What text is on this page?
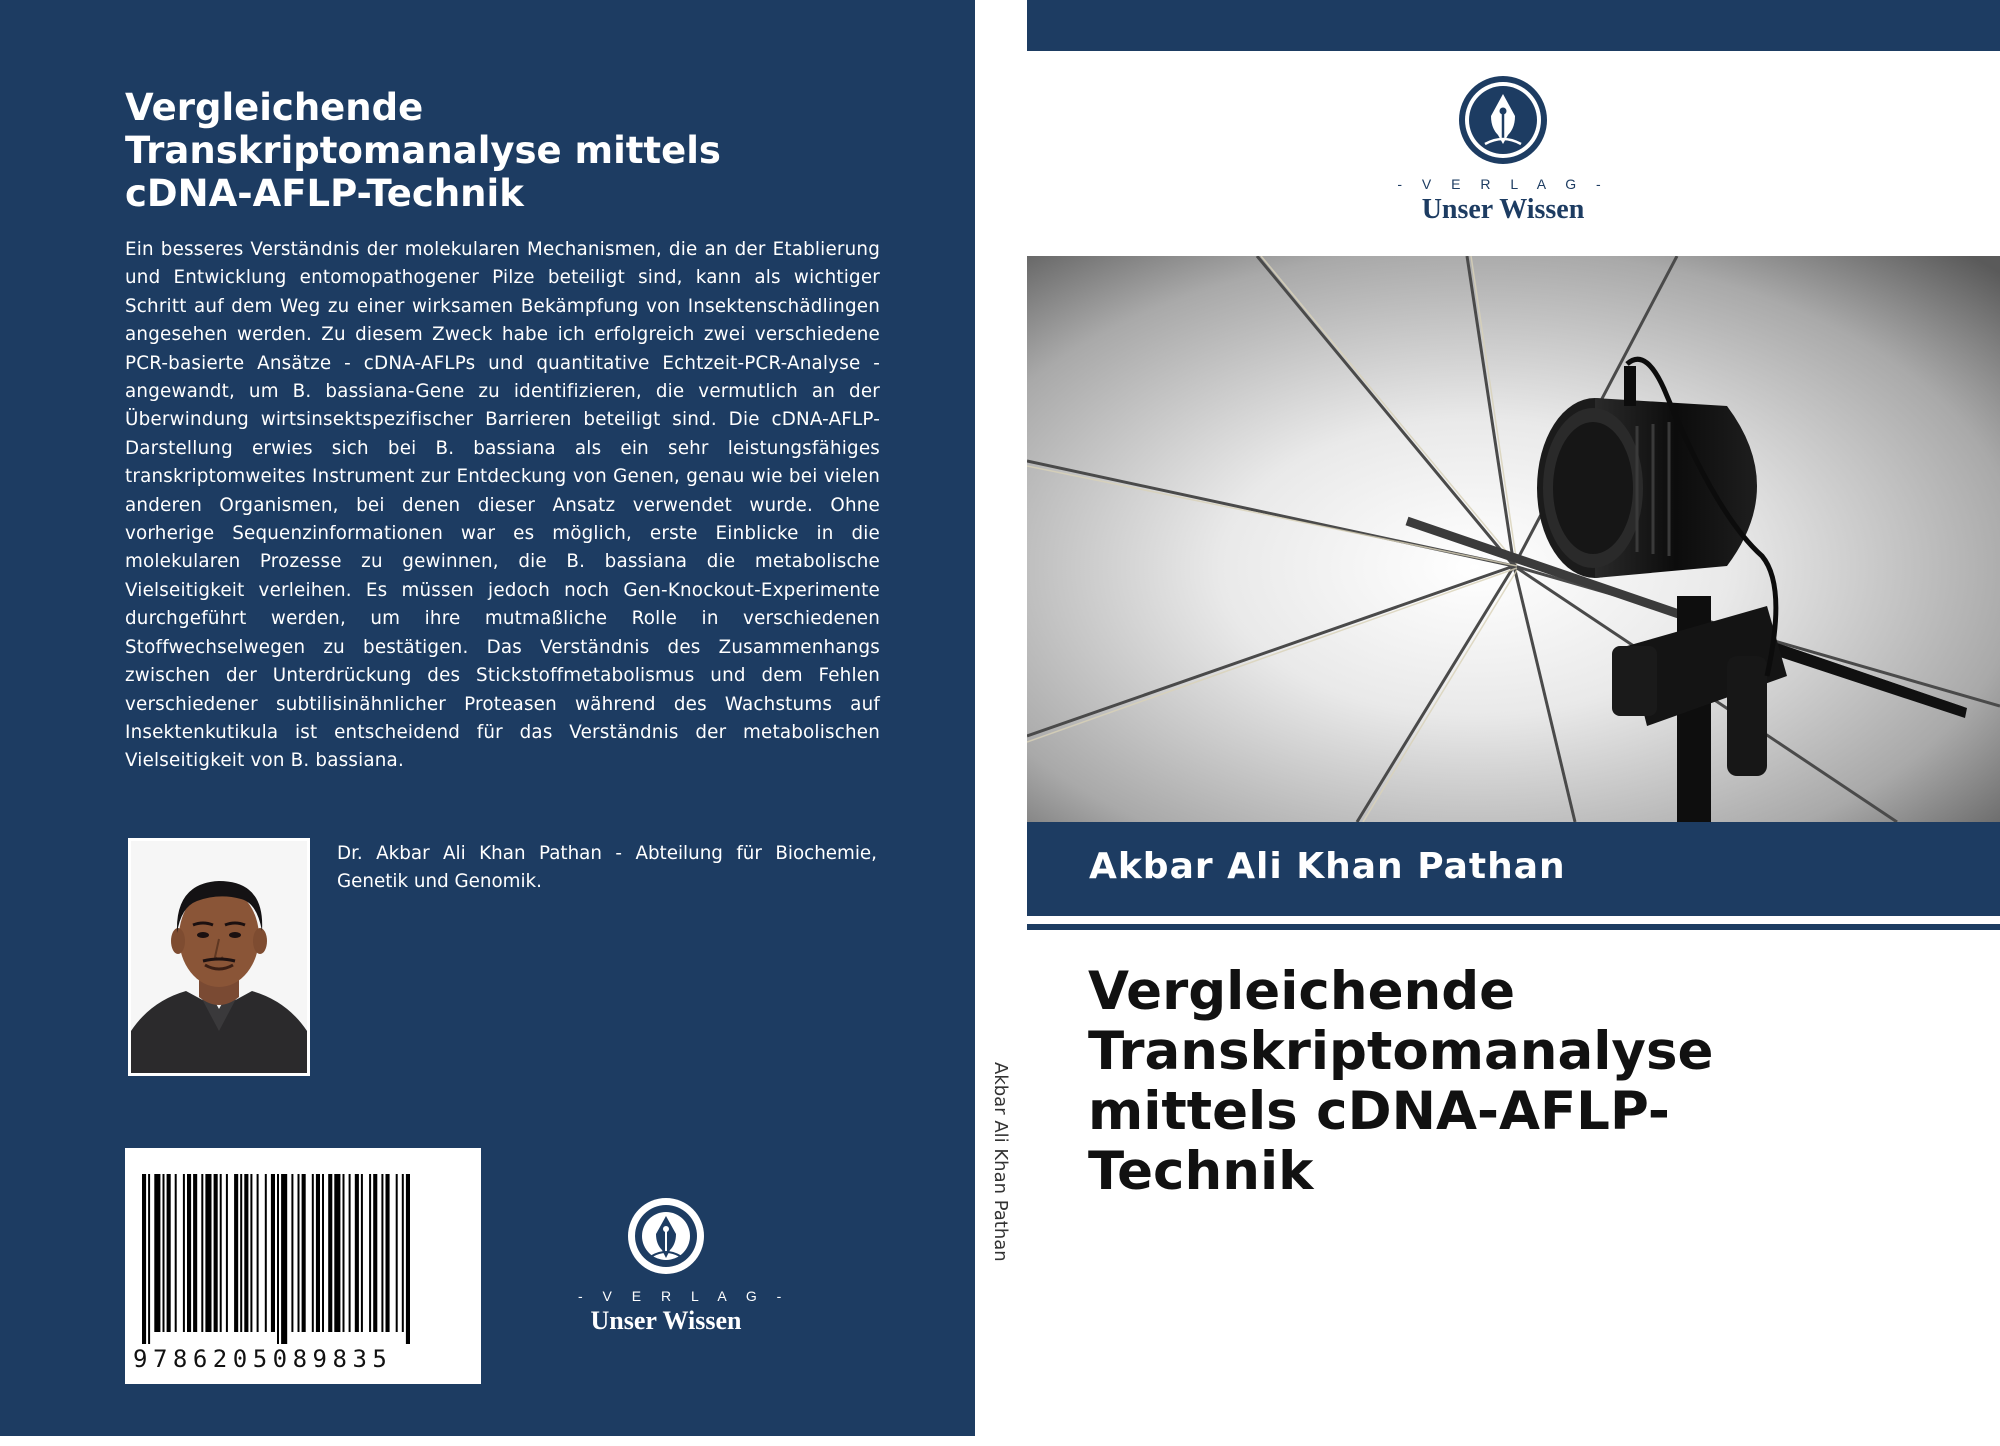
Vergleichende
Transkriptomanalyse mittels
cDNA-AFLP-Technik

Ein besseres Verständnis der molekularen Mechanismen, die an der Etablierung und Entwicklung entomopathogener Pilze beteiligt sind, kann als wichtiger Schritt auf dem Weg zu einer wirksamen Bekämpfung von Insektenschädlingen angesehen werden. Zu diesem Zweck habe ich erfolgreich zwei verschiedene PCR-basierte Ansätze - cDNA-AFLPs und quantitative Echtzeit-PCR-Analyse - angewandt, um B. bassiana-Gene zu identifizieren, die vermutlich an der Überwindung wirtsinsektspezifischer Barrieren beteiligt sind. Die cDNA-AFLP-Darstellung erwies sich bei B. bassiana als ein sehr leistungsfähiges transkriptomweites Instrument zur Entdeckung von Genen, genau wie bei vielen anderen Organismen, bei denen dieser Ansatz verwendet wurde. Ohne vorherige Sequenzinformationen war es möglich, erste Einblicke in die molekularen Prozesse zu gewinnen, die B. bassiana die metabolische Vielseitigkeit verleihen. Es müssen jedoch noch Gen-Knockout-Experimente durchgeführt werden, um ihre mutmaßliche Rolle in verschiedenen Stoffwechselwegen zu bestätigen. Das Verständnis des Zusammenhangs zwischen der Unterdrückung des Stickstoffmetabolismus und dem Fehlen verschiedener subtilisinähnlicher Proteasen während des Wachstums auf Insektenkutikula ist entscheidend für das Verständnis der metabolischen Vielseitigkeit von B. bassiana.

Dr. Akbar Ali Khan Pathan - Abteilung für Biochemie, Genetik und Genomik.

9786205089835
- V E R L A G -
Unser Wissen
Akbar Ali Khan Pathan
- V E R L A G -
Unser Wissen
Akbar Ali Khan Pathan
Vergleichende
Transkriptomanalyse
mittels cDNA-AFLP-
Technik
